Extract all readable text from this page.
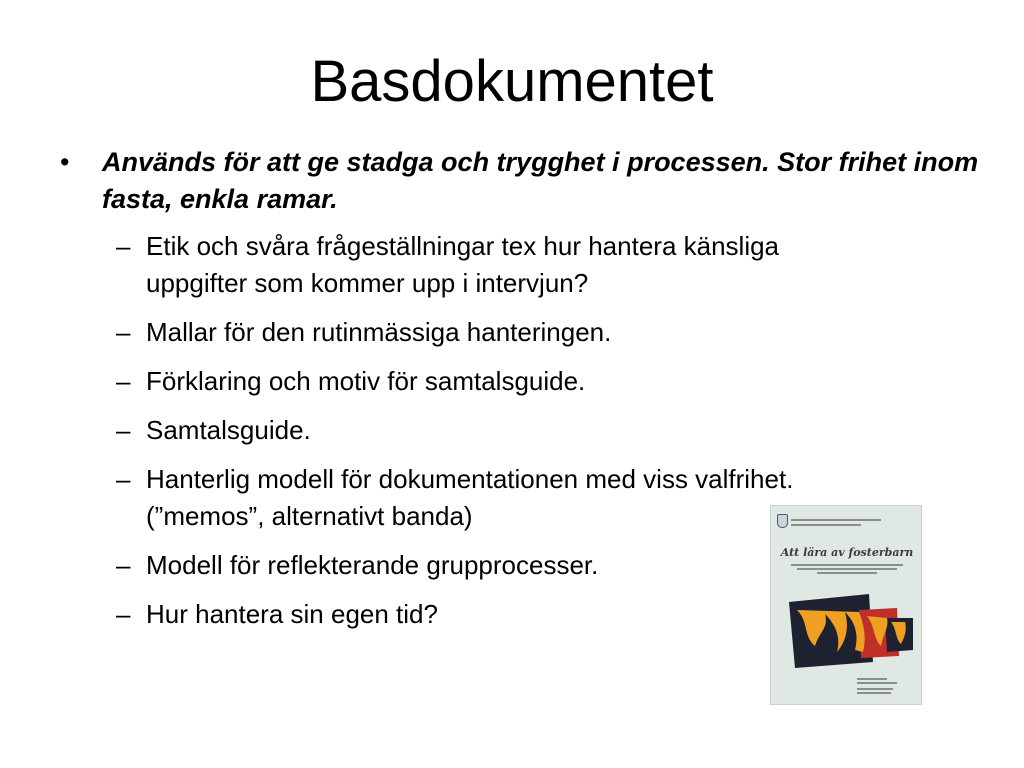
Basdokumentet
• Används för att ge stadga och trygghet i processen. Stor frihet inom fasta, enkla ramar.
– Etik och svåra frågeställningar tex hur hantera känsliga uppgifter som kommer upp i intervjun?
– Mallar för den rutinmässiga hanteringen.
– Förklaring och motiv för samtalsguide.
– Samtalsguide.
– Hanterlig modell för dokumentationen med viss valfrihet. (”memos”, alternativt banda)
– Modell för reflekterande grupprocesser.
– Hur hantera sin egen tid?
Att lära av fosterbarn
